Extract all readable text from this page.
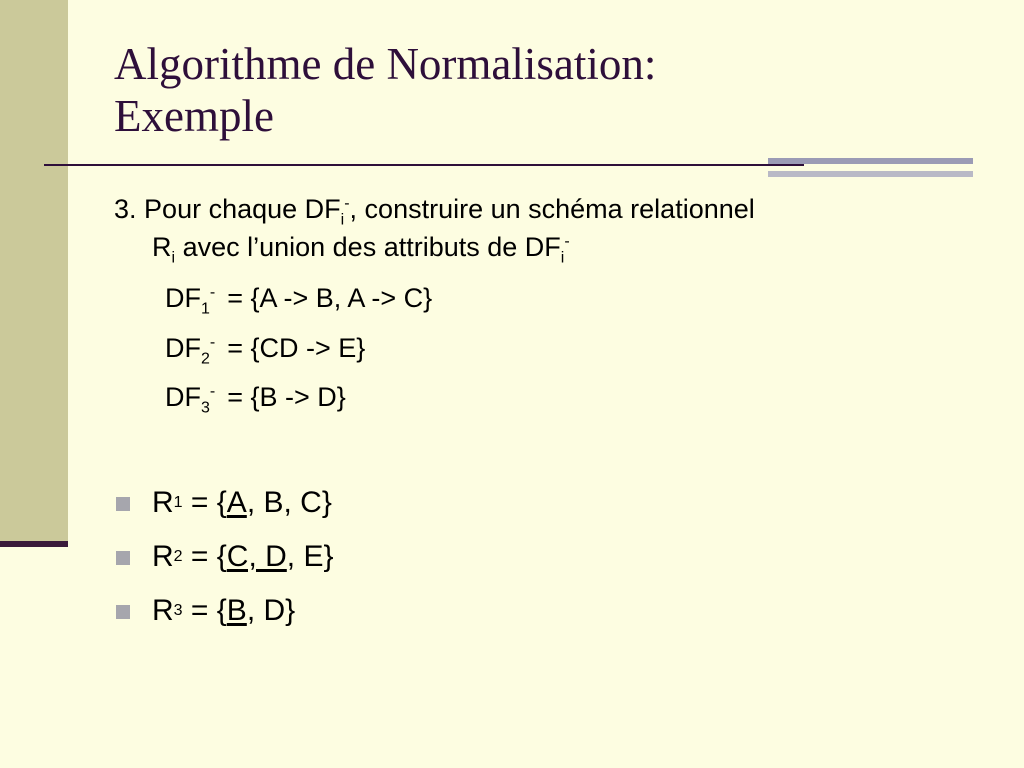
Algorithme de Normalisation:
Exemple
3. Pour chaque $DF_i^-$, construire un schéma relationnel
$R_i$ avec l’union des attributs de $DF_i^-$
$DF_1^- = \{A -> B$, A -> C}
$DF_2^- = \{CD -> E\}$
$DF_3^- = \{B -> D\}$
R 1 = { A , B, C}
R 2 = { C, D , E}
R 3 = { B , D}
